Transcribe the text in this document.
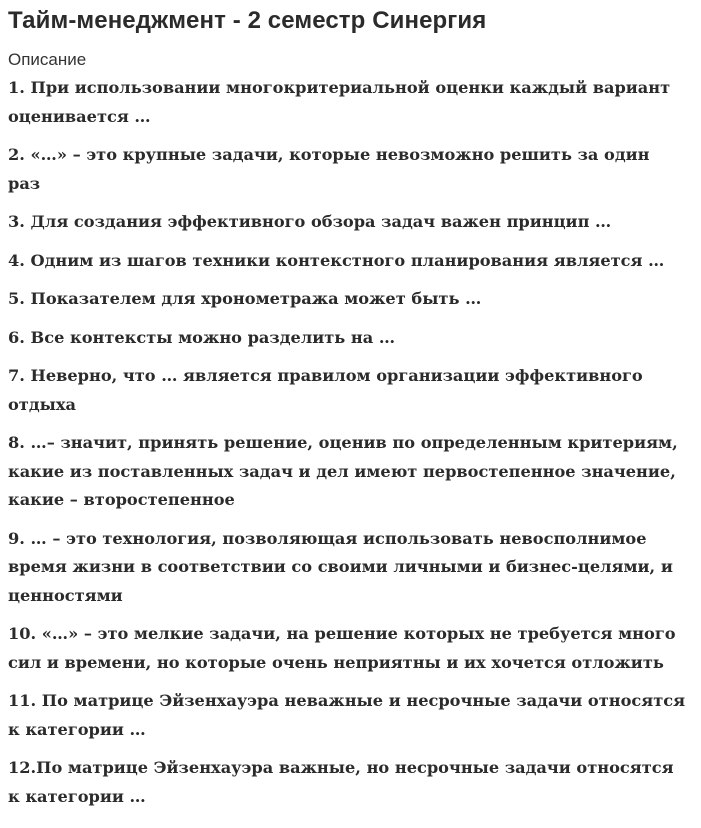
Тайм-менеджмент - 2 семестр Синергия
Описание
1. При использовании многокритериальной оценки каждый вариант оценивается …
2. «…» – это крупные задачи, которые невозможно решить за один раз
3. Для создания эффективного обзора задач важен принцип …
4. Одним из шагов техники контекстного планирования является …
5. Показателем для хронометража может быть …
6. Все контексты можно разделить на …
7. Неверно, что … является правилом организации эффективного отдыха
8. …– значит, принять решение, оценив по определенным критериям, какие из поставленных задач и дел имеют первостепенное значение, какие – второстепенное
9. … – это технология, позволяющая использовать невосполнимое время жизни в соответствии со своими личными и бизнес-целями, и ценностями
10. «…» – это мелкие задачи, на решение которых не требуется много сил и времени, но которые очень неприятны и их хочется отложить
11. По матрице Эйзенхауэра неважные и несрочные задачи относятся к категории …
12.По матрице Эйзенхауэра важные, но несрочные задачи относятся к категории …
